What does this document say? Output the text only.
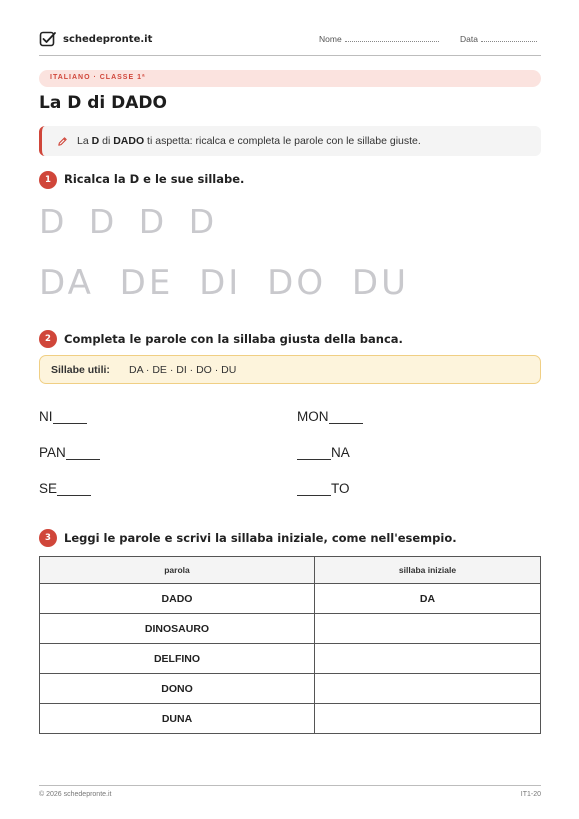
schedepronte.it	Nome	Data
ITALIANO · CLASSE 1ª
La D di DADO
La D di DADO ti aspetta: ricalca e completa le parole con le sillabe giuste.
1	Ricalca la D e le sue sillabe.
D D D D
DA DE DI DO DU
2	Completa le parole con la sillaba giusta della banca.
Sillabe utili: DA · DE · DI · DO · DU
NI	MON
PAN	NA
SE	TO
3	Leggi le parole e scrivi la sillaba iniziale, come nell'esempio.
parola	sillaba iniziale
DADO	DA
DINOSAURO	
DELFINO	
DONO	
DUNA	
© 2026 schedepronte.it	IT1-20
